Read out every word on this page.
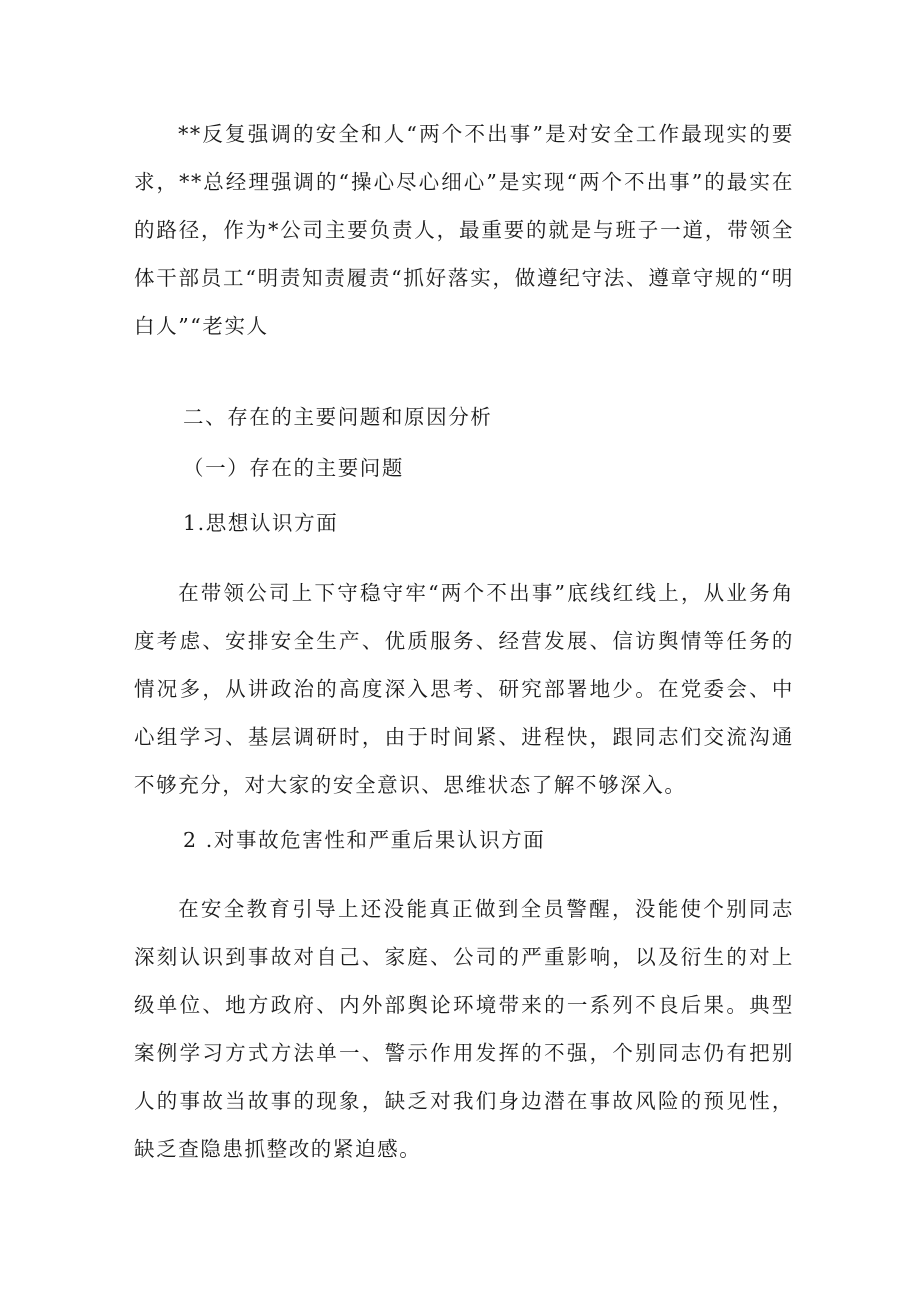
**反复强调的安全和人“两个不出事”是对安全工作最现实的要求，**总经理强调的“操心尽心细心”是实现“两个不出事”的最实在的路径，作为*公司主要负责人，最重要的就是与班子一道，带领全体干部员工“明责知责履责“抓好落实，做遵纪守法、遵章守规的“明白人”“老实人

二、存在的主要问题和原因分析

（一）存在的主要问题

1.思想认识方面

在带领公司上下守稳守牢“两个不出事”底线红线上，从业务角度考虑、安排安全生产、优质服务、经营发展、信访舆情等任务的情况多，从讲政治的高度深入思考、研究部署地少。在党委会、中心组学习、基层调研时，由于时间紧、进程快，跟同志们交流沟通不够充分，对大家的安全意识、思维状态了解不够深入。

2 .对事故危害性和严重后果认识方面

在安全教育引导上还没能真正做到全员警醒，没能使个别同志深刻认识到事故对自己、家庭、公司的严重影响，以及衍生的对上级单位、地方政府、内外部舆论环境带来的一系列不良后果。典型案例学习方式方法单一、警示作用发挥的不强，个别同志仍有把别人的事故当故事的现象，缺乏对我们身边潜在事故风险的预见性，缺乏查隐患抓整改的紧迫感。
